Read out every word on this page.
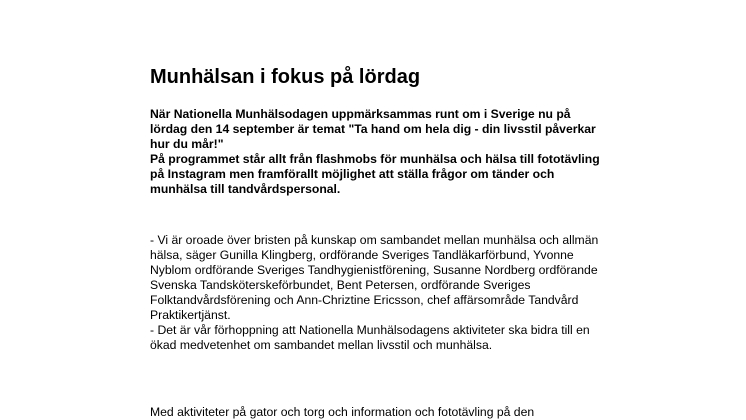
Munhälsan i fokus på lördag

När Nationella Munhälsodagen uppmärksammas runt om i Sverige nu på lördag den 14 september är temat "Ta hand om hela dig - din livsstil påverkar hur du mår!"

På programmet står allt från flashmobs för munhälsa och hälsa till fototävling på Instagram men framförallt möjlighet att ställa frågor om tänder och munhälsa till tandvårdspersonal.

- Vi är oroade över bristen på kunskap om sambandet mellan munhälsa och allmän hälsa, säger Gunilla Klingberg, ordförande Sveriges Tandläkarförbund, Yvonne Nyblom ordförande Sveriges Tandhygienistförening, Susanne Nordberg ordförande Svenska Tandsköterskeförbundet, Bent Petersen, ordförande Sveriges Folktandvårdsförening och Ann-Chriztine Ericsson, chef affärsområde Tandvård Praktikertjänst.

- Det är vår förhoppning att Nationella Munhälsodagens aktiviteter ska bidra till en ökad medvetenhet om sambandet mellan livsstil och munhälsa.

Med aktiviteter på gator och torg och information och fototävling på den
